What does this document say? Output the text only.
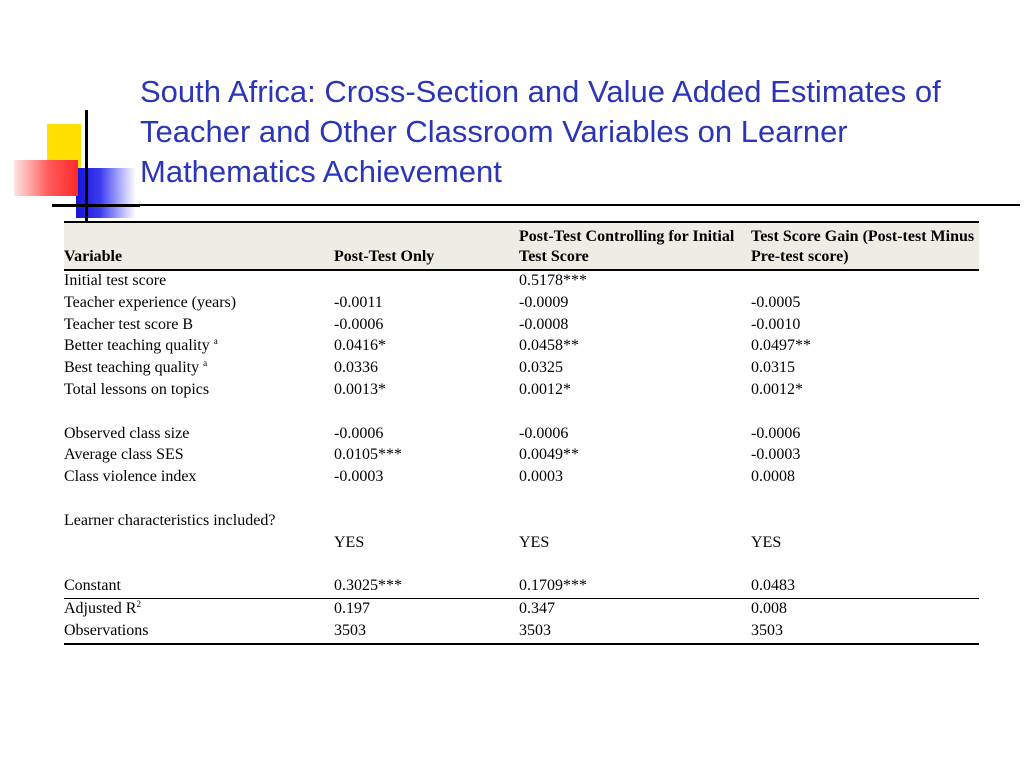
South Africa: Cross-Section and Value Added Estimates of Teacher and Other Classroom Variables on Learner Mathematics Achievement
Variable	Post-Test Only	Post-Test Controlling for Initial Test Score	Test Score Gain (Post-test Minus Pre-test score)
Initial test score		0.5178***	
Teacher experience (years)	-0.0011	-0.0009	-0.0005
Teacher test score B	-0.0006	-0.0008	-0.0010
Better teaching quality $^a$	0.0416*	0.0458**	0.0497**
Best teaching quality $^a$	0.0336	0.0325	0.0315
Total lessons on topics	0.0013*	0.0012*	0.0012*

Observed class size	-0.0006	-0.0006	-0.0006
Average class SES	0.0105***	0.0049**	-0.0003
Class violence index	-0.0003	0.0003	0.0008

Learner characteristics included?			
	YES	YES	YES

Constant	0.3025***	0.1709***	0.0483
Adjusted $R^2$	0.197	0.347	0.008
Observations	3503	3503	3503
